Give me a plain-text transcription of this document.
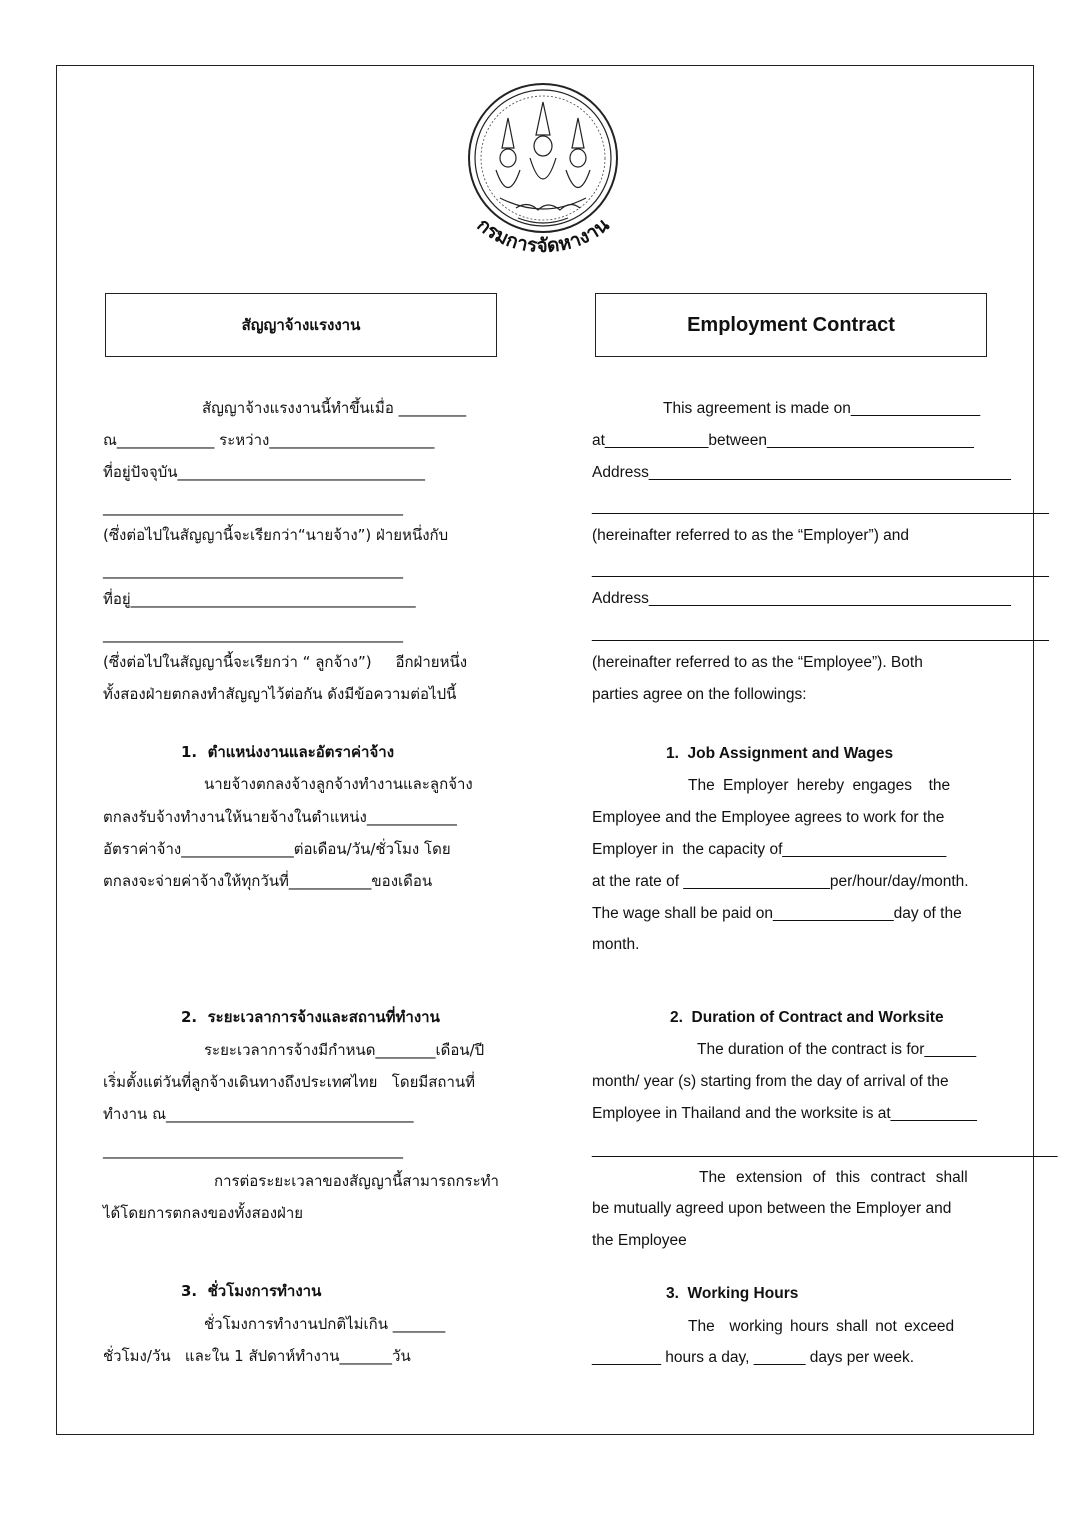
กรมการจัดหางาน
สัญญาจ้างแรงงาน	Employment Contract
สัญญาจ้างแรงงานนี้ทำขึ้นเมื่อ _________
ณ_____________ ระหว่าง______________________
ที่อยู่ปัจจุบัน_________________________________
________________________________________
(ซึ่งต่อไปในสัญญานี้จะเรียกว่า“นายจ้าง”) ฝ่ายหนึ่งกับ
________________________________________
ที่อยู่______________________________________
________________________________________
(ซึ่งต่อไปในสัญญานี้จะเรียกว่า “ ลูกจ้าง”)     อีกฝ่ายหนึ่ง
ทั้งสองฝ่ายตกลงทำสัญญาไว้ต่อกัน ดังมีข้อความต่อไปนี้
1.  ตำแหน่งงานและอัตราค่าจ้าง
นายจ้างตกลงจ้างลูกจ้างทำงานและลูกจ้าง
ตกลงรับจ้างทำงานให้นายจ้างในตำแหน่ง____________
อัตราค่าจ้าง_______________ต่อเดือน/วัน/ชั่วโมง โดย
ตกลงจะจ่ายค่าจ้างให้ทุกวันที่___________ของเดือน
2.  ระยะเวลาการจ้างและสถานที่ทำงาน
ระยะเวลาการจ้างมีกำหนด________เดือน/ปี
เริ่มตั้งแต่วันที่ลูกจ้างเดินทางถึงประเทศไทย   โดยมีสถานที่
ทำงาน ณ_________________________________
________________________________________
การต่อระยะเวลาของสัญญานี้สามารถกระทำ
ได้โดยการตกลงของทั้งสองฝ่าย
3.  ชั่วโมงการทำงาน
ชั่วโมงการทำงานปกติไม่เกิน _______
ชั่วโมง/วัน   และใน 1 สัปดาห์ทำงาน_______วัน
This agreement is made on_______________
at____________between________________________
Address__________________________________________
_____________________________________________________
(hereinafter referred to as the “Employer”) and
_____________________________________________________
Address__________________________________________
_____________________________________________________
(hereinafter referred to as the “Employee”). Both
parties agree on the followings:
1.  Job Assignment and Wages
The Employer hereby engages  the
Employee and the Employee agrees to work for the
Employer in  the capacity of___________________
at the rate of _________________per/hour/day/month.
The wage shall be paid on______________day of the
month.
2.  Duration of Contract and Worksite
The duration of the contract is for______
month/ year (s) starting from the day of arrival of the
Employee in Thailand and the worksite is at__________
______________________________________________________
The extension of this contract shall
be mutually agreed upon between the Employer and
the Employee
3.  Working Hours
The  working hours shall not exceed
________ hours a day, ______ days per week.
